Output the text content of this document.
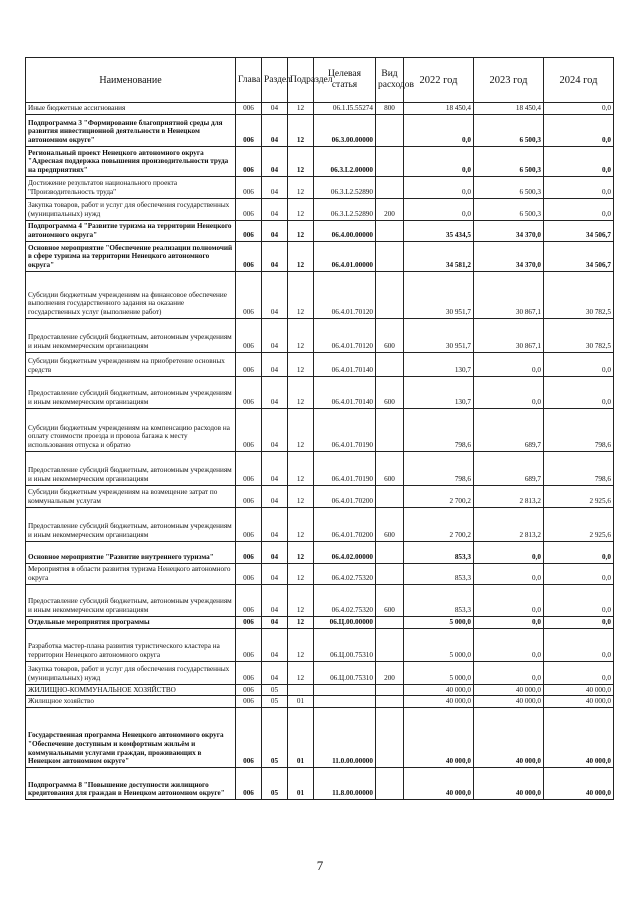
Наименование	Глава	Раздел	Подраздел	Целевая статья	Вид расходов	2022 год	2023 год	2024 год
Иные бюджетные ассигнования	006	04	12	06.1.I5.55274	800	18 450,4	18 450,4	0,0
Подпрограмма 3 "Формирование благоприятной среды для развития инвестиционной деятельности в Ненецком автономном округе"	006	04	12	06.3.00.00000		0,0	6 500,3	0,0
Региональный проект Ненецкого автономного округа "Адресная поддержка повышения производительности труда на предприятиях"	006	04	12	06.3.L2.00000		0,0	6 500,3	0,0
Достижение результатов национального проекта "Производительность труда"	006	04	12	06.3.L2.52890		0,0	6 500,3	0,0
Закупка товаров, работ и услуг для обеспечения государственных (муниципальных) нужд	006	04	12	06.3.L2.52890	200	0,0	6 500,3	0,0
Подпрограмма 4 "Развитие туризма на территории Ненецкого автономного округа"	006	04	12	06.4.00.00000		35 434,5	34 370,0	34 506,7
Основное мероприятие "Обеспечение реализации полномочий в сфере туризма на территории Ненецкого автономного округа"	006	04	12	06.4.01.00000		34 581,2	34 370,0	34 506,7
Субсидии бюджетным учреждениям на финансовое обеспечение выполнения государственного задания на оказание государственных услуг (выполнение работ)	006	04	12	06.4.01.70120		30 951,7	30 867,1	30 782,5
Предоставление субсидий бюджетным, автономным учреждениям и иным некоммерческим организациям	006	04	12	06.4.01.70120	600	30 951,7	30 867,1	30 782,5
Субсидии бюджетным учреждениям на приобретение основных средств	006	04	12	06.4.01.70140		130,7	0,0	0,0
Предоставление субсидий бюджетным, автономным учреждениям и иным некоммерческим организациям	006	04	12	06.4.01.70140	600	130,7	0,0	0,0
Субсидии бюджетным учреждениям на компенсацию расходов на оплату стоимости проезда и провоза багажа к месту использования отпуска и обратно	006	04	12	06.4.01.70190		798,6	689,7	798,6
Предоставление субсидий бюджетным, автономным учреждениям и иным некоммерческим организациям	006	04	12	06.4.01.70190	600	798,6	689,7	798,6
Субсидии бюджетным учреждениям на возмещение затрат по коммунальным услугам	006	04	12	06.4.01.70200		2 700,2	2 813,2	2 925,6
Предоставление субсидий бюджетным, автономным учреждениям и иным некоммерческим организациям	006	04	12	06.4.01.70200	600	2 700,2	2 813,2	2 925,6
Основное мероприятие "Развитие внутреннего туризма"	006	04	12	06.4.02.00000		853,3	0,0	0,0
Мероприятия в области развития туризма Ненецкого автономного округа	006	04	12	06.4.02.75320		853,3	0,0	0,0
Предоставление субсидий бюджетным, автономным учреждениям и иным некоммерческим организациям	006	04	12	06.4.02.75320	600	853,3	0,0	0,0
Отдельные мероприятия программы	006	04	12	06.Ц.00.00000		5 000,0	0,0	0,0
Разработка мастер-плана развития туристического кластера на территории Ненецкого автономного округа	006	04	12	06.Ц.00.75310		5 000,0	0,0	0,0
Закупка товаров, работ и услуг для обеспечения государственных (муниципальных) нужд	006	04	12	06.Ц.00.75310	200	5 000,0	0,0	0,0
ЖИЛИЩНО-КОММУНАЛЬНОЕ ХОЗЯЙСТВО	006	05				40 000,0	40 000,0	40 000,0
Жилищное хозяйство	006	05	01			40 000,0	40 000,0	40 000,0
Государственная программа Ненецкого автономного округа "Обеспечение доступным и комфортным жильём и коммунальными услугами граждан, проживающих в Ненецком автономном округе"	006	05	01	11.0.00.00000		40 000,0	40 000,0	40 000,0
Подпрограмма 8 "Повышение доступности жилищного кредитования для граждан в Ненецком автономном округе"	006	05	01	11.8.00.00000		40 000,0	40 000,0	40 000,0
7
